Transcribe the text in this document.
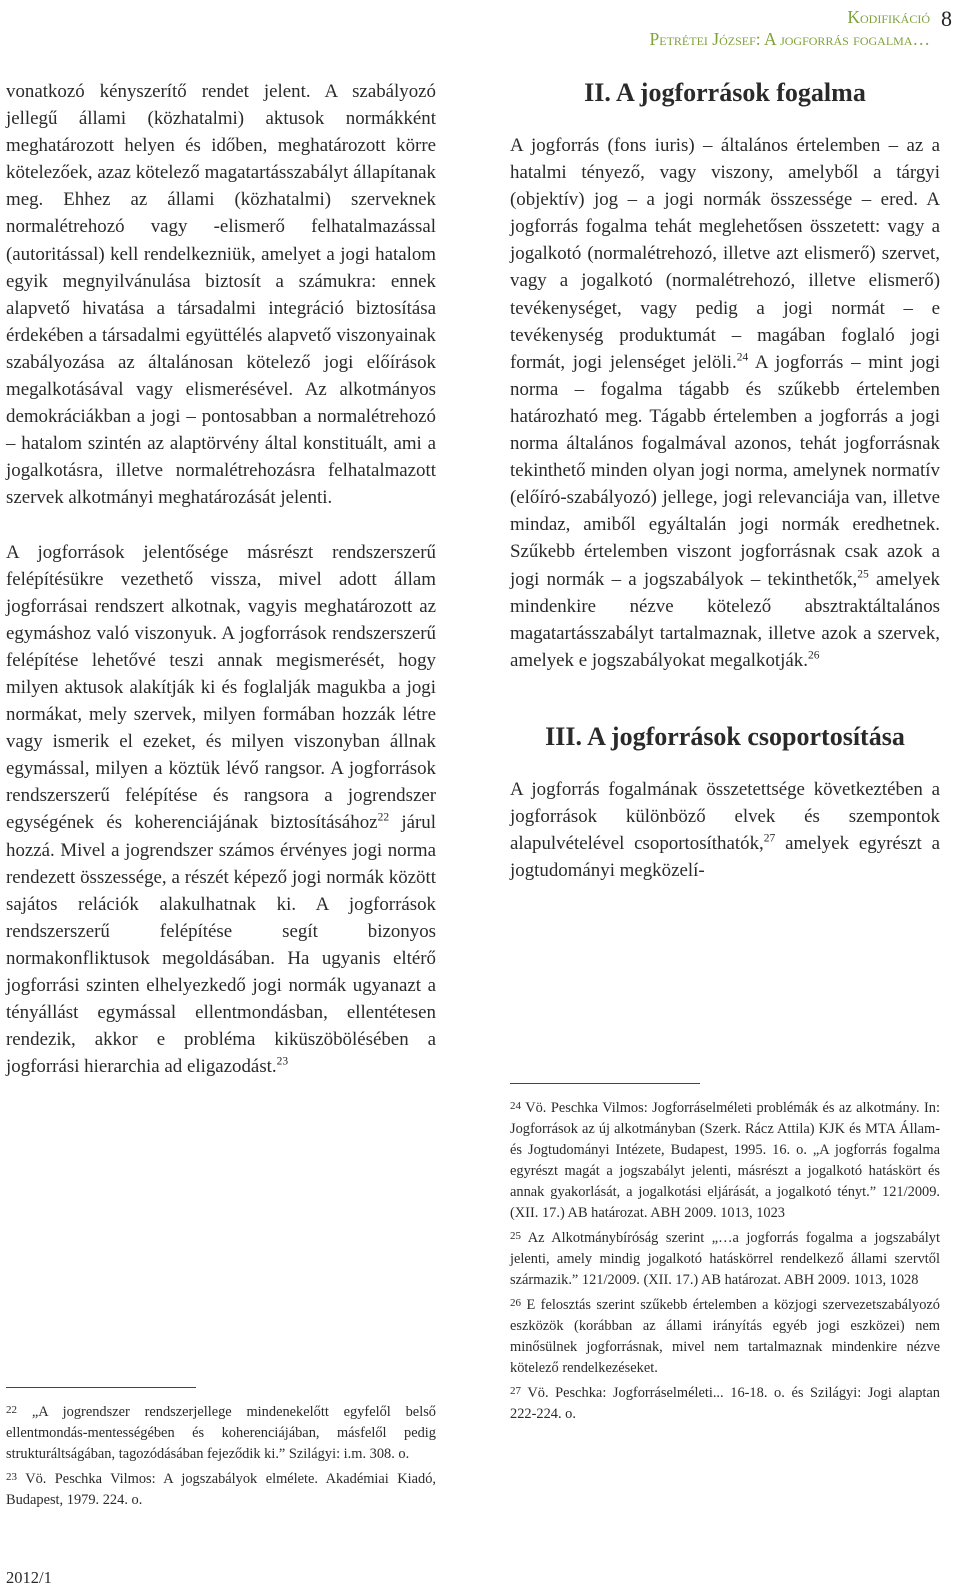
Kodifikáció
Petrétei József: A jogforrás fogalma…
8

vonatkozó kényszerítő rendet jelent. A szabályozó jellegű állami (közhatalmi) aktusok normákként meghatározott helyen és időben, meghatározott körre kötelezőek, azaz kötelező magatartásszabályt állapítanak meg. Ehhez az állami (közhatalmi) szerveknek normalétrehozó vagy -elismerő felhatalmazással (autoritással) kell rendelkezniük, amelyet a jogi hatalom egyik megnyilvánulása biztosít a számukra: ennek alapvető hivatása a társadalmi integráció biztosítása érdekében a társadalmi együttélés alapvető viszonyainak szabályozása az általánosan kötelező jogi előírások megalkotásával vagy elismerésével. Az alkotmányos demokráciákban a jogi – pontosabban a normalétrehozó – hatalom szintén az alaptörvény által konstituált, ami a jogalkotásra, illetve normalétrehozásra felhatalmazott szervek alkotmányi meghatározását jelenti.

A jogforrások jelentősége másrészt rendszerszerű felépítésükre vezethető vissza, mivel adott állam jogforrásai rendszert alkotnak, vagyis meghatározott az egymáshoz való viszonyuk. A jogforrások rendszerszerű felépítése lehetővé teszi annak megismerését, hogy milyen aktusok alakítják ki és foglalják magukba a jogi normákat, mely szervek, milyen formában hozzák létre vagy ismerik el ezeket, és milyen viszonyban állnak egymással, milyen a köztük lévő rangsor. A jogforrások rendszerszerű felépítése és rangsora a jogrendszer egységének és koherenciájának biztosításához$^{22}$ járul hozzá. Mivel a jogrendszer számos érvényes jogi norma rendezett összessége, a részét képező jogi normák között sajátos relációk alakulhatnak ki. A jogforrások rendszerszerű felépítése segít bizonyos normakonfliktusok megoldásában. Ha ugyanis eltérő jogforrási szinten elhelyezkedő jogi normák ugyanazt a tényállást egymással ellentmondásban, ellentétesen rendezik, akkor e probléma kiküszöbölésében a jogforrási hierarchia ad eligazodást.$^{23}$

II. A jogforrások fogalma

A jogforrás (fons iuris) – általános értelemben – az a hatalmi tényező, vagy viszony, amelyből a tárgyi (objektív) jog – a jogi normák összessége – ered. A jogforrás fogalma tehát meglehetősen összetett: vagy a jogalkotó (normalétrehozó, illetve azt elismerő) szervet, vagy a jogalkotó (normalétrehozó, illetve elismerő) tevékenységet, vagy pedig a jogi normát – e tevékenység produktumát – magában foglaló jogi formát, jogi jelenséget jelöli.$^{24}$ A jogforrás – mint jogi norma – fogalma tágabb és szűkebb értelemben határozható meg. Tágabb értelemben a jogforrás a jogi norma általános fogalmával azonos, tehát jogforrásnak tekinthető minden olyan jogi norma, amelynek normatív (előíró-szabályozó) jellege, jogi relevanciája van, illetve mindaz, amiből egyáltalán jogi normák eredhetnek. Szűkebb értelemben viszont jogforrásnak csak azok a jogi normák – a jogszabályok – tekinthetők,$^{25}$ amelyek mindenkire nézve kötelező absztraktáltalános magatartásszabályt tartalmaznak, illetve azok a szervek, amelyek e jogszabályokat megalkotják.$^{26}$

III. A jogforrások csoportosítása

A jogforrás fogalmának összetettsége következtében a jogforrások különböző elvek és szempontok alapulvételével csoportosíthatók,$^{27}$ amelyek egyrészt a jogtudományi megközelí-

$^{22}$ „A jogrendszer rendszerjellege mindenekelőtt egyfelől belső ellentmondás-mentességében és koherenciájában, másfelől pedig strukturáltságában, tagozódásában fejeződik ki.” Szilágyi: i.m. 308. o.

$^{23}$ Vö. Peschka Vilmos: A jogszabályok elmélete. Akadémiai Kiadó, Budapest, 1979. 224. o.

$^{24}$ Vö. Peschka Vilmos: Jogforráselméleti problémák és az alkotmány. In: Jogforrások az új alkotmányban (Szerk. Rácz Attila) KJK és MTA Állam- és Jogtudományi Intézete, Budapest, 1995. 16. o. „A jogforrás fogalma egyrészt magát a jogszabályt jelenti, másrészt a jogalkotó hatáskört és annak gyakorlását, a jogalkotási eljárását, a jogalkotó tényt.” 121/2009. (XII. 17.) AB határozat. ABH 2009. 1013, 1023

$^{25}$ Az Alkotmánybíróság szerint „…a jogforrás fogalma a jogszabályt jelenti, amely mindig jogalkotó hatáskörrel rendelkező állami szervtől származik.” 121/2009. (XII. 17.) AB határozat. ABH 2009. 1013, 1028

$^{26}$ E felosztás szerint szűkebb értelemben a közjogi szervezetszabályozó eszközök (korábban az állami irányítás egyéb jogi eszközei) nem minősülnek jogforrásnak, mivel nem tartalmaznak mindenkire nézve kötelező rendelkezéseket.

$^{27}$ Vö. Peschka: Jogforráselméleti... 16-18. o. és Szilágyi: Jogi alaptan 222-224. o.

2012/1
